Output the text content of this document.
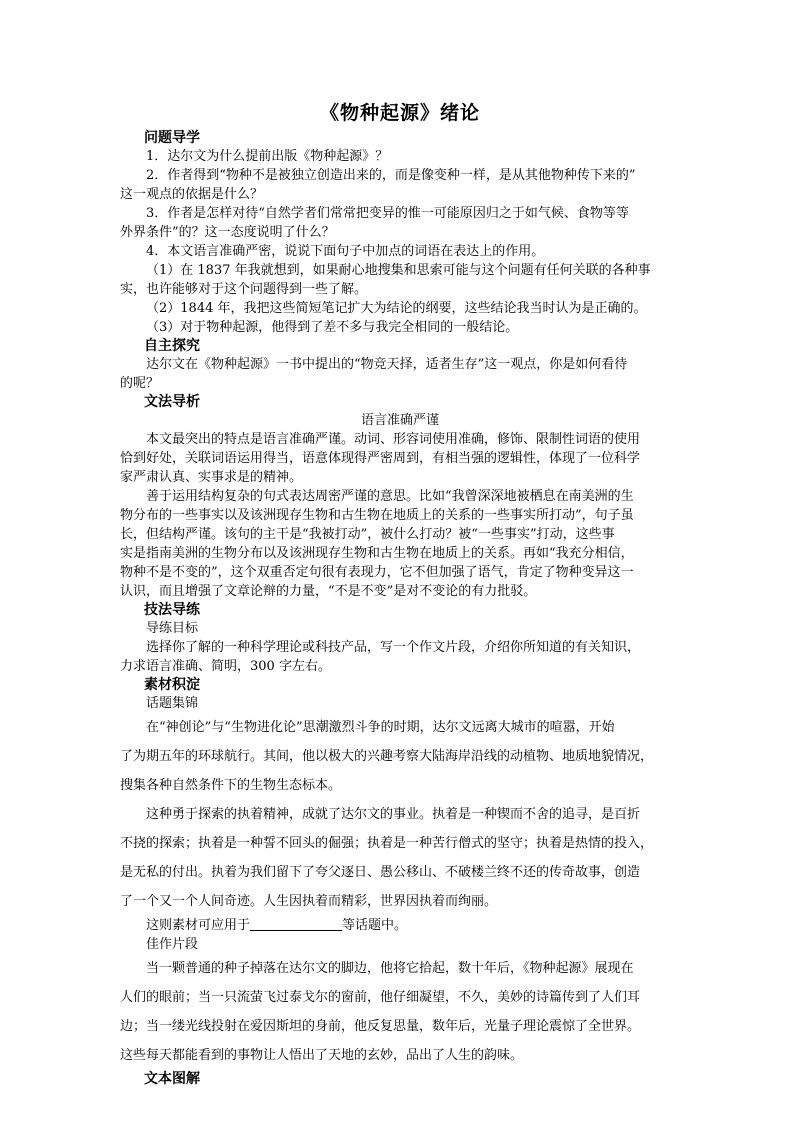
《物种起源》绪论

问题导学

1．达尔文为什么提前出版《物种起源》？

2．作者得到“物种不是被独立创造出来的，而是像变种一样，是从其他物种传下来的”

这一观点的依据是什么？

3．作者是怎样对待“自然学者们常常把变异的惟一可能原因归之于如气候、食物等等

外界条件”的？这一态度说明了什么？

4．本文语言准确严密，说说下面句子中加点的词语在表达上的作用。

（1）在 1837 年我就想到，如果耐心地搜集和思索可能与这个问题有任何关联的各种事

实，也许能够对于这个问题得到一些了解。

（2）1844 年，我把这些简短笔记扩大为结论的纲要，这些结论我当时认为是正确的。

（3）对于物种起源，他得到了差不多与我完全相同的一般结论。

自主探究

达尔文在《物种起源》一书中提出的“物竞天择，适者生存”这一观点，你是如何看待

的呢？

文法导析

语言准确严谨

本文最突出的特点是语言准确严谨。动词、形容词使用准确，修饰、限制性词语的使用

恰到好处，关联词语运用得当，语意体现得严密周到，有相当强的逻辑性，体现了一位科学

家严肃认真、实事求是的精神。

善于运用结构复杂的句式表达周密严谨的意思。比如“我曾深深地被栖息在南美洲的生

物分布的一些事实以及该洲现存生物和古生物在地质上的关系的一些事实所打动”，句子虽

长，但结构严谨。该句的主干是“我被打动”，被什么打动？被“一些事实”打动，这些事

实是指南美洲的生物分布以及该洲现存生物和古生物在地质上的关系。再如“我充分相信，

物种不是不变的”，这个双重否定句很有表现力，它不但加强了语气，肯定了物种变异这一

认识，而且增强了文章论辩的力量，“不是不变”是对不变论的有力批驳。

技法导练

导练目标

选择你了解的一种科学理论或科技产品，写一个作文片段，介绍你所知道的有关知识，

力求语言准确、简明，300 字左右。

素材积淀

话题集锦

在“神创论”与“生物进化论”思潮激烈斗争的时期，达尔文远离大城市的喧嚣，开始

了为期五年的环球航行。其间，他以极大的兴趣考察大陆海岸沿线的动植物、地质地貌情况，

搜集各种自然条件下的生物生态标本。

这种勇于探索的执着精神，成就了达尔文的事业。执着是一种锲而不舍的追寻，是百折

不挠的探索；执着是一种誓不回头的倔强；执着是一种苦行僧式的坚守；执着是热情的投入，

是无私的付出。执着为我们留下了夸父逐日、愚公移山、不破楼兰终不还的传奇故事，创造

了一个又一个人间奇迹。人生因执着而精彩，世界因执着而绚丽。

这则素材可应用于	等话题中。

佳作片段

当一颗普通的种子掉落在达尔文的脚边，他将它拾起，数十年后，《物种起源》展现在

人们的眼前；当一只流萤飞过泰戈尔的窗前，他仔细凝望，不久，美妙的诗篇传到了人们耳

边；当一缕光线投射在爱因斯坦的身前，他反复思量，数年后，光量子理论震惊了全世界。

这些每天都能看到的事物让人悟出了天地的玄妙，品出了人生的韵味。

文本图解
